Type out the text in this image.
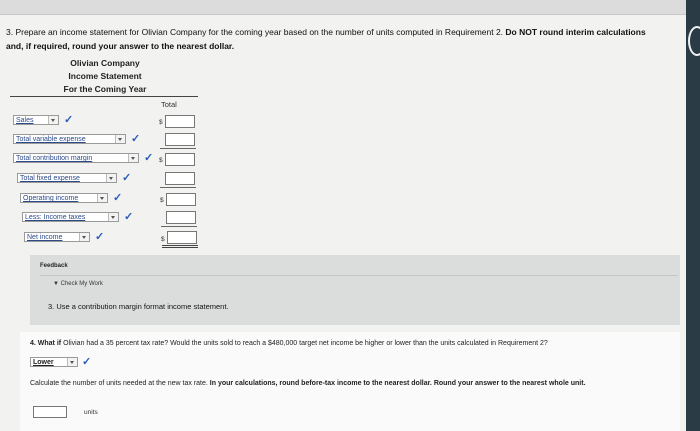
3. Prepare an income statement for Olivian Company for the coming year based on the number of units computed in Requirement 2. Do NOT round interim calculations and, if required, round your answer to the nearest dollar.
Olivian Company
Income Statement
For the Coming Year
Total
Sales	✓	$
Total variable expense	✓
Total contribution margin	✓ $
Total fixed expense	✓
Operating income	✓	$
Less: Income taxes	✓
Net income	✓	$
Feedback
▼ Check My Work
3. Use a contribution margin format income statement.
4. What if Olivian had a 35 percent tax rate? Would the units sold to reach a $480,000 target net income be higher or lower than the units calculated in Requirement 2?
Lower	✓
Calculate the number of units needed at the new tax rate. In your calculations, round before-tax income to the nearest dollar. Round your answer to the nearest whole unit.
units
